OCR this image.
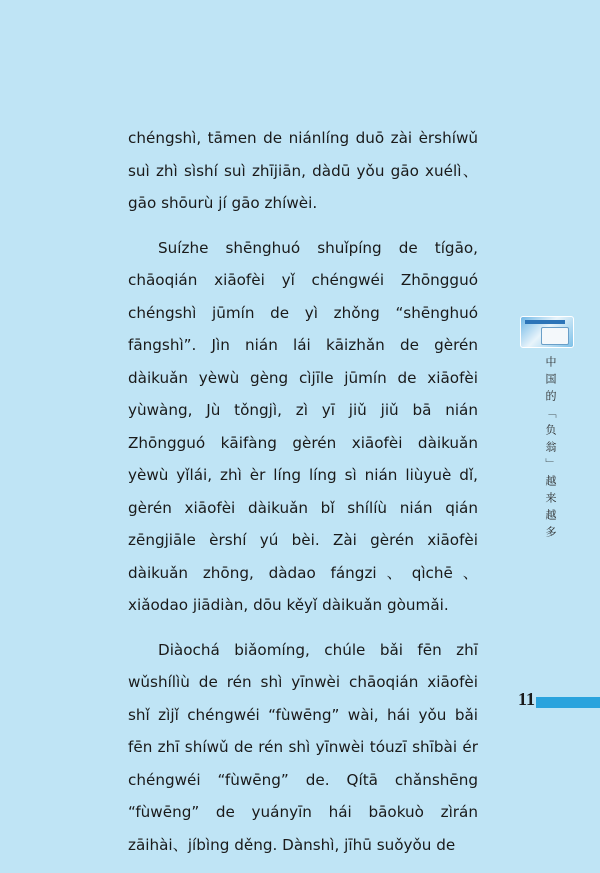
chéngshì, tāmen de niánlíng duō zài èrshíwǔ suì zhì sìshí suì zhījiān, dàdū yǒu gāo xuélì、gāo shōurù jí gāo zhíwèi.

Suízhe shēnghuó shuǐpíng de tígāo, chāoqián xiāofèi yǐ chéngwéi Zhōngguó chéngshì jūmín de yì zhǒng “shēnghuó fāngshì”. Jìn nián lái kāizhǎn de gèrén dàikuǎn yèwù gèng cìjīle jūmín de xiāofèi yùwàng, Jù tǒngjì, zì yī jiǔ jiǔ bā nián Zhōngguó kāifàng gèrén xiāofèi dàikuǎn yèwù yǐlái, zhì èr líng líng sì nián liùyuè dǐ, gèrén xiāofèi dàikuǎn bǐ shílíù nián qián zēngjiāle èrshí yú bèi. Zài gèrén xiāofèi dàikuǎn zhōng, dàdao fángzi、qìchē、xiǎodao jiādiàn, dōu kěyǐ dàikuǎn gòumǎi.

Diàochá biǎomíng, chúle bǎi fēn zhī wǔshílìù de rén shì yīnwèi chāoqián xiāofèi shǐ zìjǐ chéngwéi “fùwēng” wài, hái yǒu bǎi fēn zhī shíwǔ de rén shì yīnwèi tóuzī shībài ér chéngwéi “fùwēng” de. Qítā chǎnshēng “fùwēng” de yuányīn hái bāokuò zìrán zāihài、jíbìng děng. Dànshì, jīhū suǒyǒu de

中国的「负翁」越来越多
11
